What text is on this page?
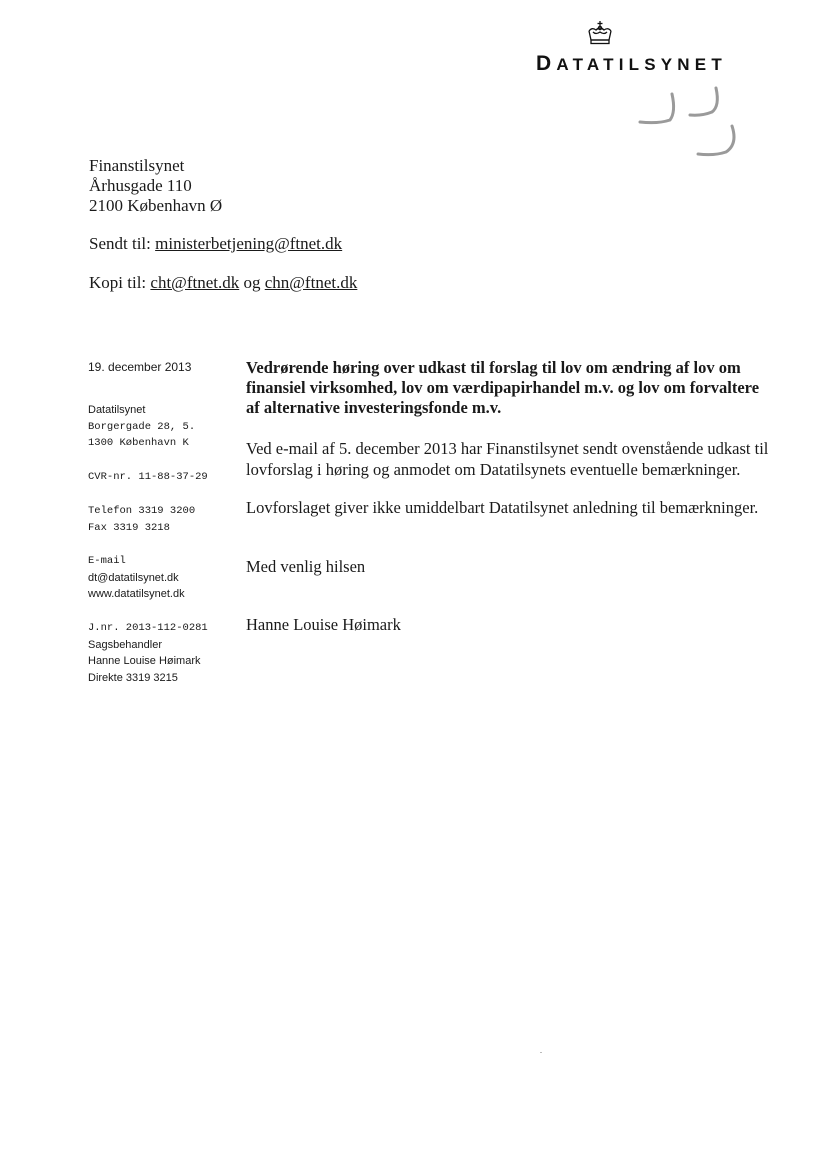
DATATILSYNET
Finanstilsynet
Århusgade 110
2100 København Ø
Sendt til: ministerbetjening@ftnet.dk
Kopi til: cht@ftnet.dk og chn@ftnet.dk
19. december 2013
Datatilsynet
Borgergade 28, 5.
1300 København K
CVR-nr. 11-88-37-29
Telefon 3319 3200
Fax 3319 3218
E-mail
dt@datatilsynet.dk
www.datatilsynet.dk
J.nr. 2013-112-0281
Sagsbehandler
Hanne Louise Høimark
Direkte 3319 3215
Vedrørende høring over udkast til forslag til lov om ændring af lov om finansiel virksomhed, lov om værdipapirhandel m.v. og lov om forvaltere af alternative investeringsfonde m.v.
Ved e-mail af 5. december 2013 har Finanstilsynet sendt ovenstående udkast til lovforslag i høring og anmodet om Datatilsynets eventuelle bemærkninger.
Lovforslaget giver ikke umiddelbart Datatilsynet anledning til bemærkninger.
Med venlig hilsen
Hanne Louise Høimark
